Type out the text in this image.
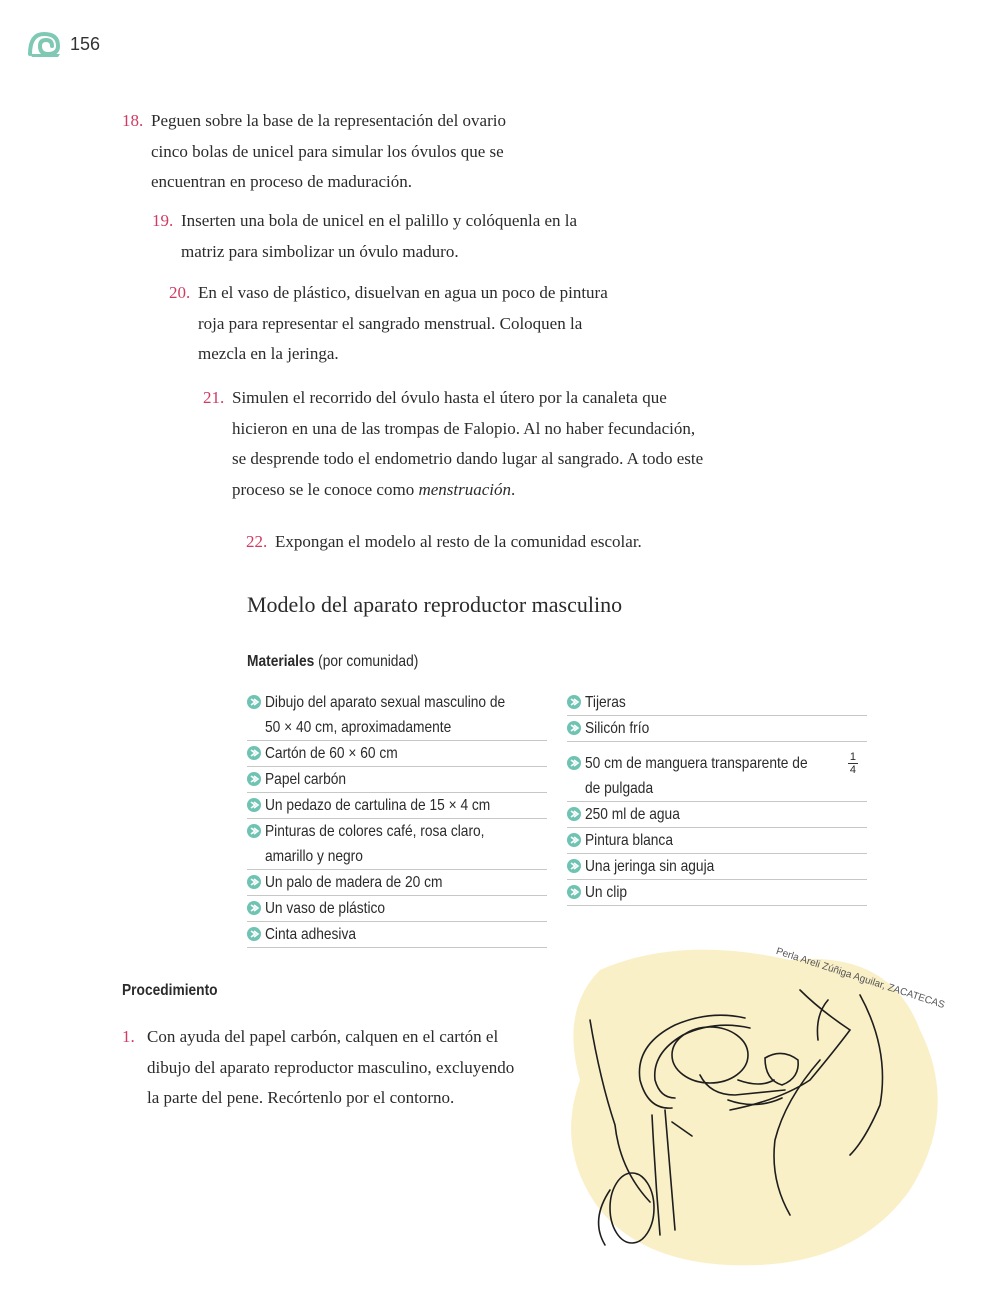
156
18. Peguen sobre la base de la representación del ovario
cinco bolas de unicel para simular los óvulos que se
encuentran en proceso de maduración.
19. Inserten una bola de unicel en el palillo y colóquenla en la
matriz para simbolizar un óvulo maduro.
20. En el vaso de plástico, disuelvan en agua un poco de pintura
roja para representar el sangrado menstrual. Coloquen la
mezcla en la jeringa.
21. Simulen el recorrido del óvulo hasta el útero por la canaleta que
hicieron en una de las trompas de Falopio. Al no haber fecundación,
se desprende todo el endometrio dando lugar al sangrado. A todo este
proceso se le conoce como menstruación.
22. Expongan el modelo al resto de la comunidad escolar.
Modelo del aparato reproductor masculino
Materiales (por comunidad)
Dibujo del aparato sexual masculino de
50 × 40 cm, aproximadamente
Cartón de 60 × 60 cm
Papel carbón
Un pedazo de cartulina de 15 × 4 cm
Pinturas de colores café, rosa claro,
amarillo y negro
Un palo de madera de 20 cm
Un vaso de plástico
Cinta adhesiva
Tijeras
Silicón frío
50 cm de manguera transparente de	$\frac{1}{4}$
de pulgada
250 ml de agua
Pintura blanca
Una jeringa sin aguja
Un clip
Procedimiento
1. Con ayuda del papel carbón, calquen en el cartón el
dibujo del aparato reproductor masculino, excluyendo
la parte del pene. Recórtenlo por el contorno.
Perla Areli Zúñiga Aguilar, ZACATECAS
